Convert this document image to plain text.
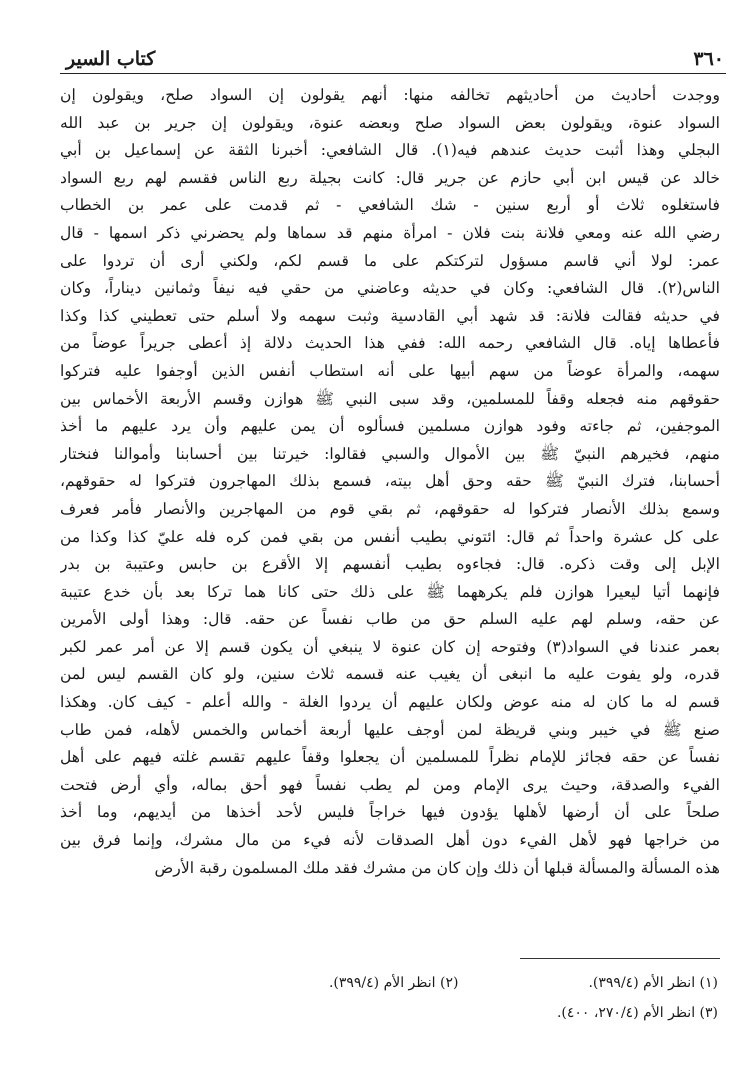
٣٦٠
كتاب السير
ووجدت أحاديث من أحاديثهم تخالفه منها: أنهم يقولون إن السواد صلح، ويقولون إن
السواد عنوة، ويقولون بعض السواد صلح وبعضه عنوة، ويقولون إن جرير بن عبد الله
البجلي وهذا أثبت حديث عندهم فيه(١). قال الشافعي: أخبرنا الثقة عن إسماعيل بن أبي
خالد عن قيس ابن أبي حازم عن جرير قال: كانت بجيلة ربع الناس فقسم لهم ربع السواد
فاستغلوه ثلاث أو أربع سنين - شك الشافعي - ثم قدمت على عمر بن الخطاب
رضي الله عنه ومعي فلانة بنت فلان - امرأة منهم قد سماها ولم يحضرني ذكر اسمها - قال
عمر: لولا أني قاسم مسؤول لتركتكم على ما قسم لكم، ولكني أرى أن تردوا على
الناس(٢). قال الشافعي: وكان في حديثه وعاضني من حقي فيه نيفاً وثمانين ديناراً، وكان
في حديثه فقالت فلانة: قد شهد أبي القادسية وثبت سهمه ولا أسلم حتى تعطيني كذا وكذا
فأعطاها إياه. قال الشافعي رحمه الله: ففي هذا الحديث دلالة إذ أعطى جريراً عوضاً من
سهمه، والمرأة عوضاً من سهم أبيها على أنه استطاب أنفس الذين أوجفوا عليه فتركوا
حقوقهم منه فجعله وقفاً للمسلمين، وقد سبى النبي ﷺ هوازن وقسم الأربعة الأخماس بين
الموجفين، ثم جاءته وفود هوازن مسلمين فسألوه أن يمن عليهم وأن يرد عليهم ما أخذ
منهم، فخيرهم النبيّ ﷺ بين الأموال والسبي فقالوا: خيرتنا بين أحسابنا وأموالنا فنختار
أحسابنا، فترك النبيّ ﷺ حقه وحق أهل بيته، فسمع بذلك المهاجرون فتركوا له حقوقهم،
وسمع بذلك الأنصار فتركوا له حقوقهم، ثم بقي قوم من المهاجرين والأنصار فأمر فعرف
على كل عشرة واحداً ثم قال: ائتوني بطيب أنفس من بقي فمن كره فله عليّ كذا وكذا من
الإبل إلى وقت ذكره. قال: فجاءوه بطيب أنفسهم إلا الأقرع بن حابس وعتيبة بن بدر
فإنهما أتيا ليعيرا هوازن فلم يكرههما ﷺ على ذلك حتى كانا هما تركا بعد بأن خدع عتيبة
عن حقه، وسلم لهم عليه السلم حق من طاب نفساً عن حقه. قال: وهذا أولى الأمرين
بعمر عندنا في السواد(٣) وفتوحه إن كان عنوة لا ينبغي أن يكون قسم إلا عن أمر عمر لكبر
قدره، ولو يفوت عليه ما انبغى أن يغيب عنه قسمه ثلاث سنين، ولو كان القسم ليس لمن
قسم له ما كان له منه عوض ولكان عليهم أن يردوا الغلة - والله أعلم - كيف كان. وهكذا
صنع ﷺ في خيبر وبني قريظة لمن أوجف عليها أربعة أخماس والخمس لأهله، فمن طاب
نفساً عن حقه فجائز للإمام نظراً للمسلمين أن يجعلوا وقفاً عليهم تقسم غلته فيهم على أهل
الفيء والصدقة، وحيث يرى الإمام ومن لم يطب نفساً فهو أحق بماله، وأي أرض فتحت
صلحاً على أن أرضها لأهلها يؤدون فيها خراجاً فليس لأحد أخذها من أيديهم، وما أخذ
من خراجها فهو لأهل الفيء دون أهل الصدقات لأنه فيء من مال مشرك، وإنما فرق بين
هذه المسألة والمسألة قبلها أن ذلك وإن كان من مشرك فقد ملك المسلمون رقبة الأرض
(١) انظر الأم (٣٩٩/٤).
(٢) انظر الأم (٣٩٩/٤).
(٣) انظر الأم (٢٧٠/٤، ٤٠٠).
